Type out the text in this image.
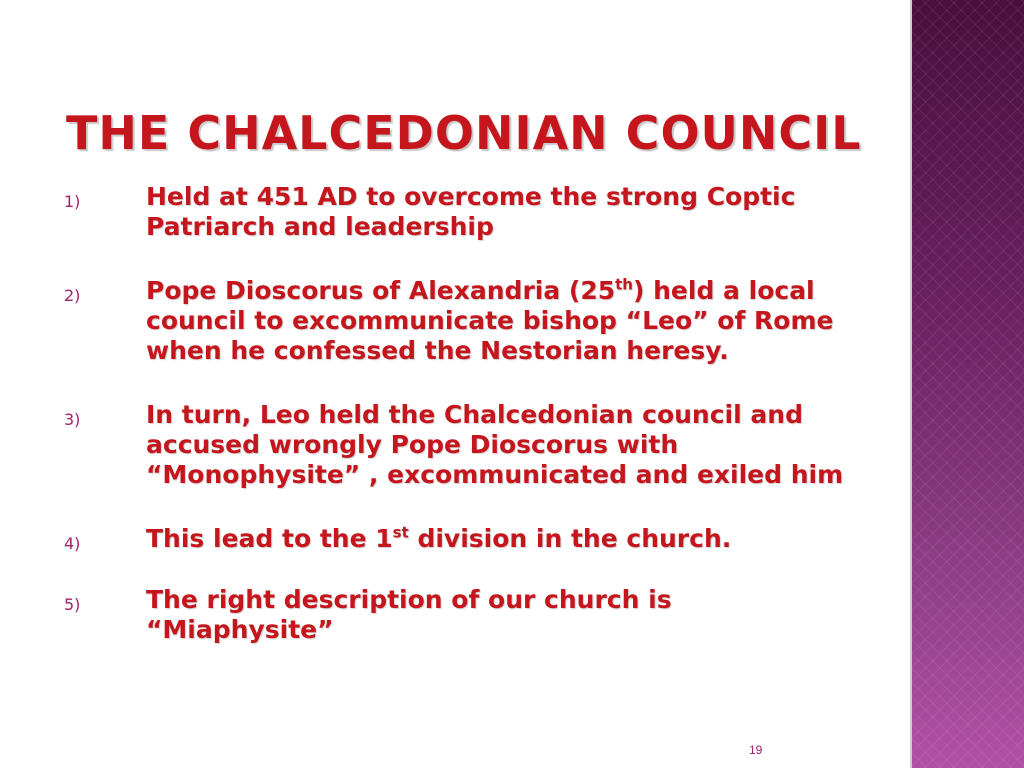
THE CHALCEDONIAN COUNCIL
1)	Held at 451 AD to overcome the strong Coptic Patriarch and leadership
2)	Pope Dioscorus of Alexandria (25th) held a local council to excommunicate bishop “Leo” of Rome when he confessed the Nestorian heresy.
3)	In turn, Leo held the Chalcedonian council and accused wrongly Pope Dioscorus with “Monophysite” , excommunicated and exiled him
4)	This lead to the 1st division in the church.
5)	The right description of our church is “Miaphysite”
19
